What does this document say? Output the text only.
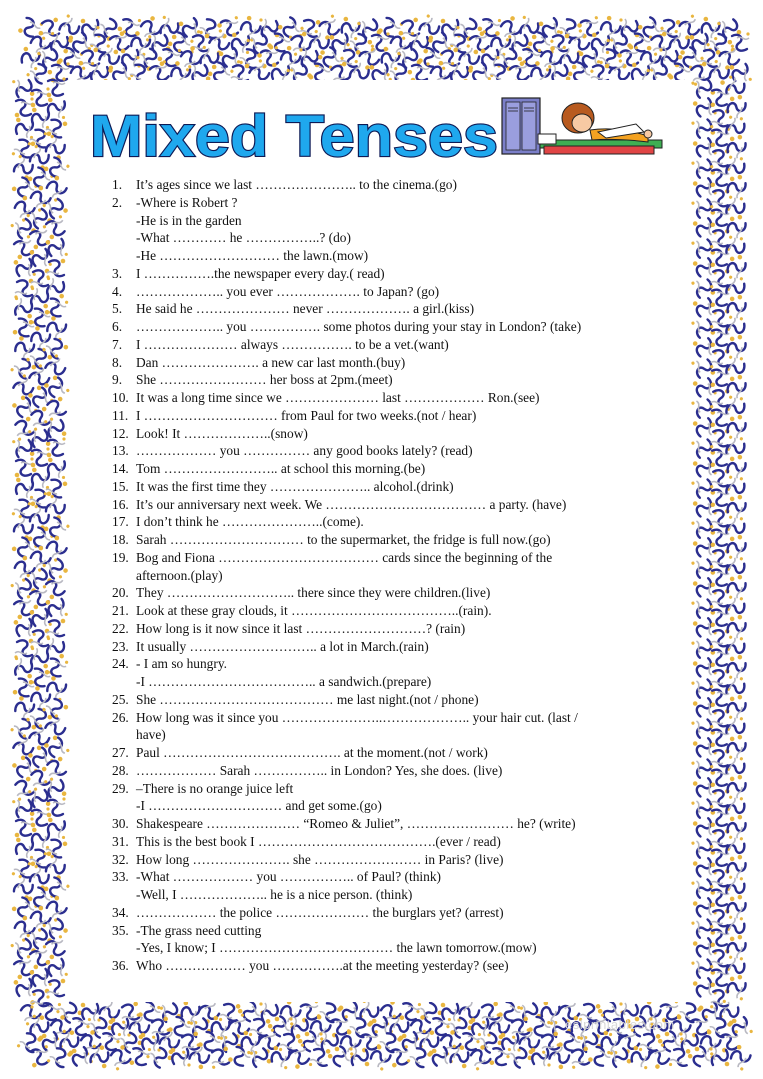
Mixed Tenses
1.	It’s ages since we last ………………….. to the cinema.(go)
2.	-Where is Robert ?
-He is in the garden
-What ………… he ……………..? (do)
-He ……………………… the lawn.(mow)
3.	I …………….the newspaper every day.( read)
4.	……………….. you ever ………………. to Japan? (go)
5.	He said he ………………… never ………………. a girl.(kiss)
6.	……………….. you ……………. some photos during your stay in London? (take)
7.	I ………………… always ……………. to be a vet.(want)
8.	Dan …………………. a new car last month.(buy)
9.	She …………………… her boss at 2pm.(meet)
10. It was a long time since we ………………… last ……………… Ron.(see)
11. I ………………………… from Paul for two weeks.(not / hear)
12. Look! It ………………..(snow)
13. ……………… you …………… any good books lately? (read)
14. Tom …………………….. at school this morning.(be)
15. It was the first time they ………………….. alcohol.(drink)
16. It’s our anniversary next week. We ……………………………… a party. (have)
17. I don’t think he …………………..(come).
18. Sarah ………………………… to the supermarket, the fridge is full now.(go)
19. Bog and Fiona ……………………………… cards since the beginning of the
afternoon.(play)
20. They ……………………….. there since they were children.(live)
21. Look at these gray clouds, it ………………………………..(rain).
22. How long is it now since it last ………………………? (rain)
23. It usually ……………………….. a lot in March.(rain)
24. - I am so hungry.
-I ……………………………….. a sandwich.(prepare)
25. She ………………………………… me last night.(not / phone)
26. How long was it since you …………………..……………….. your hair cut. (last /
have)
27. Paul …………………………………. at the moment.(not / work)
28. ……………… Sarah …………….. in London? Yes, she does. (live)
29. –There is no orange juice left
-I ………………………… and get some.(go)
30. Shakespeare ………………… “Romeo & Juliet”, …………………… he? (write)
31. This is the best book I ………………………………….(ever / read)
32. How long …………………. she …………………… in Paris? (live)
33. -What ……………… you …………….. of Paul? (think)
-Well, I ……………….. he is a nice person. (think)
34. ……………… the police ………………… the burglars yet? (arrest)
35. -The grass need cutting
-Yes, I know; I ………………………………… the lawn tomorrow.(mow)
36. Who ……………… you …………….at the meeting yesterday? (see)
eslprintables.com
